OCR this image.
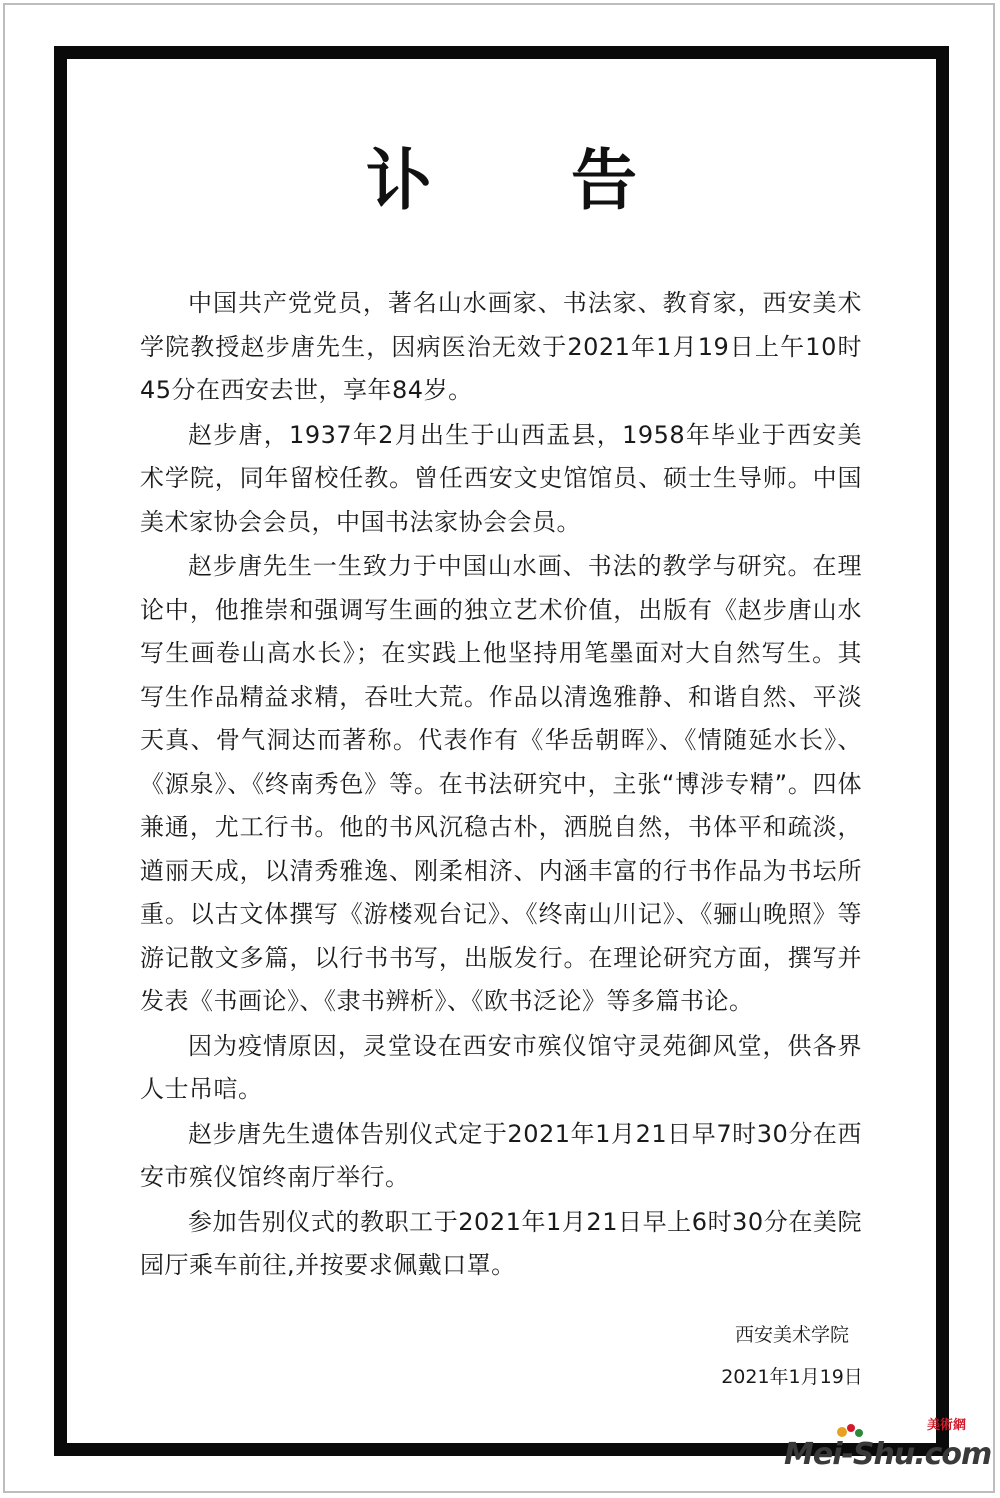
讣 告

中国共产党党员，著名山水画家、书法家、教育家，西安美术学院教授赵步唐先生，因病医治无效于2021年1月19日上午10时45分在西安去世，享年84岁。

赵步唐，1937年2月出生于山西盂县，1958年毕业于西安美术学院，同年留校任教。曾任西安文史馆馆员、硕士生导师。中国美术家协会会员，中国书法家协会会员。

赵步唐先生一生致力于中国山水画、书法的教学与研究。在理论中，他推崇和强调写生画的独立艺术价值，出版有《赵步唐山水写生画卷山高水长》；在实践上他坚持用笔墨面对大自然写生。其写生作品精益求精，吞吐大荒。作品以清逸雅静、和谐自然、平淡天真、骨气洞达而著称。代表作有《华岳朝晖》、《情随延水长》、《源泉》、《终南秀色》等。在书法研究中，主张“博涉专精”。四体兼通，尤工行书。他的书风沉稳古朴，洒脱自然，书体平和疏淡，遒丽天成，以清秀雅逸、刚柔相济、内涵丰富的行书作品为书坛所重。以古文体撰写《游楼观台记》、《终南山川记》、《骊山晚照》等游记散文多篇，以行书书写，出版发行。在理论研究方面，撰写并发表《书画论》、《隶书辨析》、《欧书泛论》等多篇书论。

因为疫情原因，灵堂设在西安市殡仪馆守灵苑御风堂，供各界人士吊唁。

赵步唐先生遗体告别仪式定于2021年1月21日早7时30分在西安市殡仪馆终南厅举行。

参加告别仪式的教职工于2021年1月21日早上6时30分在美院园厅乘车前往,并按要求佩戴口罩。

西安美术学院
2021年1月19日
美術網
Mei-Shu.com
